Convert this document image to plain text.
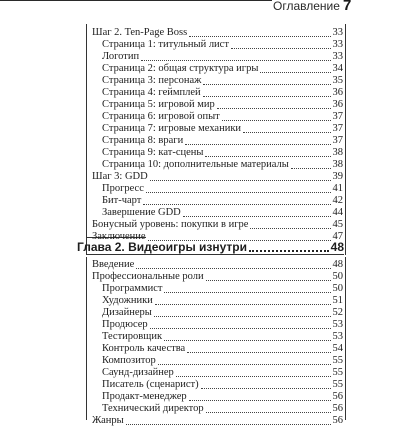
Оглавление 7
Шаг 2. Ten-Page Boss	33
Страница 1: титульный лист	33
Логотип	33
Страница 2: общая структура игры	34
Страница 3: персонаж	35
Страница 4: геймплей	36
Страница 5: игровой мир	36
Страница 6: игровой опыт	37
Страница 7: игровые механики	37
Страница 8: враги	37
Страница 9: кат-сцены	38
Страница 10: дополнительные материалы	38
Шаг 3: GDD	39
Прогресс	41
Бит-чарт	42
Завершение GDD	44
Бонусный уровень: покупки в игре	45
Заключение	47
Глава 2. Видеоигры изнутри	48
Введение	48
Профессиональные роли	50
Программист	50
Художники	51
Дизайнеры	52
Продюсер	53
Тестировщик	53
Контроль качества	54
Композитор	55
Саунд-дизайнер	55
Писатель (сценарист)	55
Продакт-менеджер	56
Технический директор	56
Жанры	56
